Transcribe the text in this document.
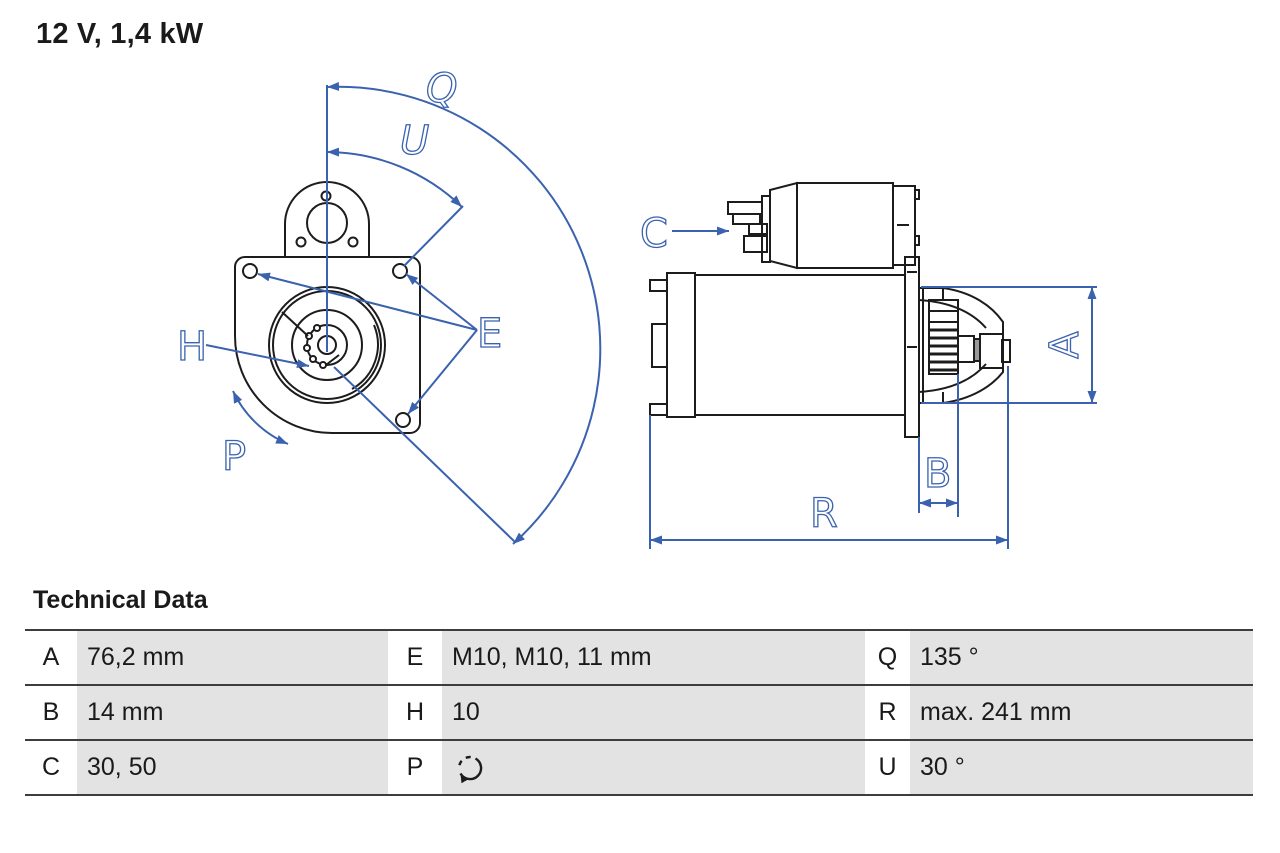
12 V, 1,4 kW
Q
U
E
H
P
C
A
B
R
Technical Data
A	76,2 mm	E	M10, M10, 11 mm	Q 135 °
B	14 mm	H	10	R max. 241 mm
C	30, 50	P	U 30 °
